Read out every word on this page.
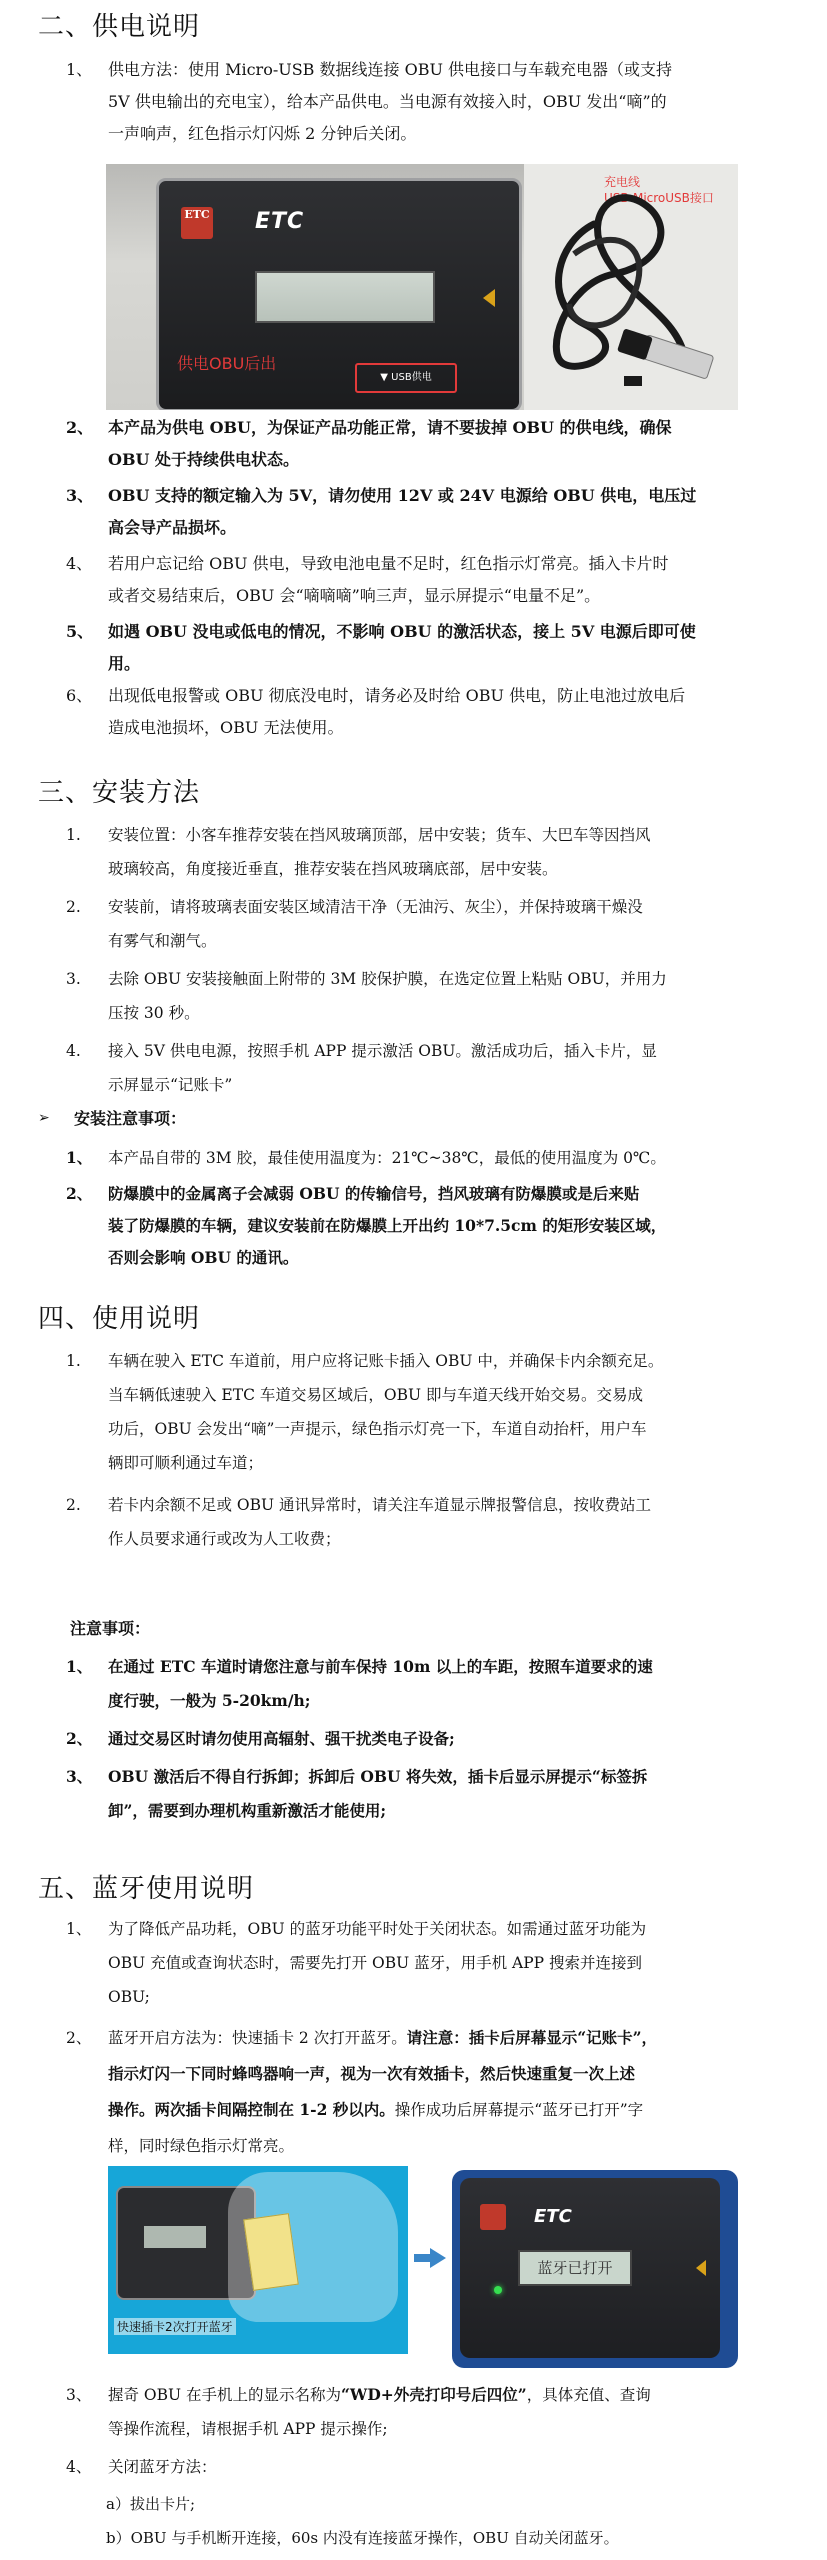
二、供电说明
1、 供电方法：使用 Micro-USB 数据线连接 OBU 供电接口与车载充电器（或支持
5V 供电输出的充电宝），给本产品供电。当电源有效接入时，OBU 发出“嘀”的
一声响声，红色指示灯闪烁 2 分钟后关闭。
ETC ETC
供电OBU后出
▼ USB供电
充电线
USB-MicroUSB接口
2、 本产品为供电 OBU，为保证产品功能正常，请不要拔掉 OBU 的供电线，确保
OBU 处于持续供电状态。
3、 OBU 支持的额定输入为 5V，请勿使用 12V 或 24V 电源给 OBU 供电，电压过
高会导产品损坏。
4、 若用户忘记给 OBU 供电，导致电池电量不足时，红色指示灯常亮。插入卡片时
或者交易结束后，OBU 会“嘀嘀嘀”响三声，显示屏提示“电量不足”。
5、 如遇 OBU 没电或低电的情况，不影响 OBU 的激活状态，接上 5V 电源后即可使
用。
6、 出现低电报警或 OBU 彻底没电时，请务必及时给 OBU 供电，防止电池过放电后
造成电池损坏，OBU 无法使用。
三、安装方法
1. 安装位置：小客车推荐安装在挡风玻璃顶部，居中安装；货车、大巴车等因挡风
玻璃较高，角度接近垂直，推荐安装在挡风玻璃底部，居中安装。
2. 安装前，请将玻璃表面安装区域清洁干净（无油污、灰尘），并保持玻璃干燥没
有雾气和潮气。
3. 去除 OBU 安装接触面上附带的 3M 胶保护膜，在选定位置上粘贴 OBU，并用力
压按 30 秒。
4. 接入 5V 供电电源，按照手机 APP 提示激活 OBU。激活成功后，插入卡片，显
示屏显示“记账卡”
➢ 安装注意事项：
1、 本产品自带的 3M 胶，最佳使用温度为：21℃~38℃，最低的使用温度为 0℃。
2、 防爆膜中的金属离子会减弱 OBU 的传输信号，挡风玻璃有防爆膜或是后来贴
装了防爆膜的车辆，建议安装前在防爆膜上开出约 10*7.5cm 的矩形安装区域，
否则会影响 OBU 的通讯。
四、使用说明
1. 车辆在驶入 ETC 车道前，用户应将记账卡插入 OBU 中，并确保卡内余额充足。
当车辆低速驶入 ETC 车道交易区域后，OBU 即与车道天线开始交易。交易成
功后，OBU 会发出“嘀”一声提示，绿色指示灯亮一下，车道自动抬杆，用户车
辆即可顺利通过车道；
2. 若卡内余额不足或 OBU 通讯异常时，请关注车道显示牌报警信息，按收费站工
作人员要求通行或改为人工收费；
注意事项：
1、 在通过 ETC 车道时请您注意与前车保持 10m 以上的车距，按照车道要求的速
度行驶，一般为 5-20km/h;
2、 通过交易区时请勿使用高辐射、强干扰类电子设备;
3、 OBU 激活后不得自行拆卸；拆卸后 OBU 将失效，插卡后显示屏提示“标签拆
卸”，需要到办理机构重新激活才能使用;
五、蓝牙使用说明
1、 为了降低产品功耗，OBU 的蓝牙功能平时处于关闭状态。如需通过蓝牙功能为
OBU 充值或查询状态时，需要先打开 OBU 蓝牙，用手机 APP 搜索并连接到
OBU;
2、 蓝牙开启方法为：快速插卡 2 次打开蓝牙。请注意：插卡后屏幕显示“记账卡”，
指示灯闪一下同时蜂鸣器响一声，视为一次有效插卡，然后快速重复一次上述
操作。两次插卡间隔控制在 1-2 秒以内。操作成功后屏幕提示“蓝牙已打开”字
样，同时绿色指示灯常亮。
快速插卡2次打开蓝牙
ETC
蓝牙已打开
3、 握奇 OBU 在手机上的显示名称为“WD+外壳打印号后四位”，具体充值、查询
等操作流程，请根据手机 APP 提示操作;
4、 关闭蓝牙方法：
a）拔出卡片;
b）OBU 与手机断开连接，60s 内没有连接蓝牙操作，OBU 自动关闭蓝牙。
